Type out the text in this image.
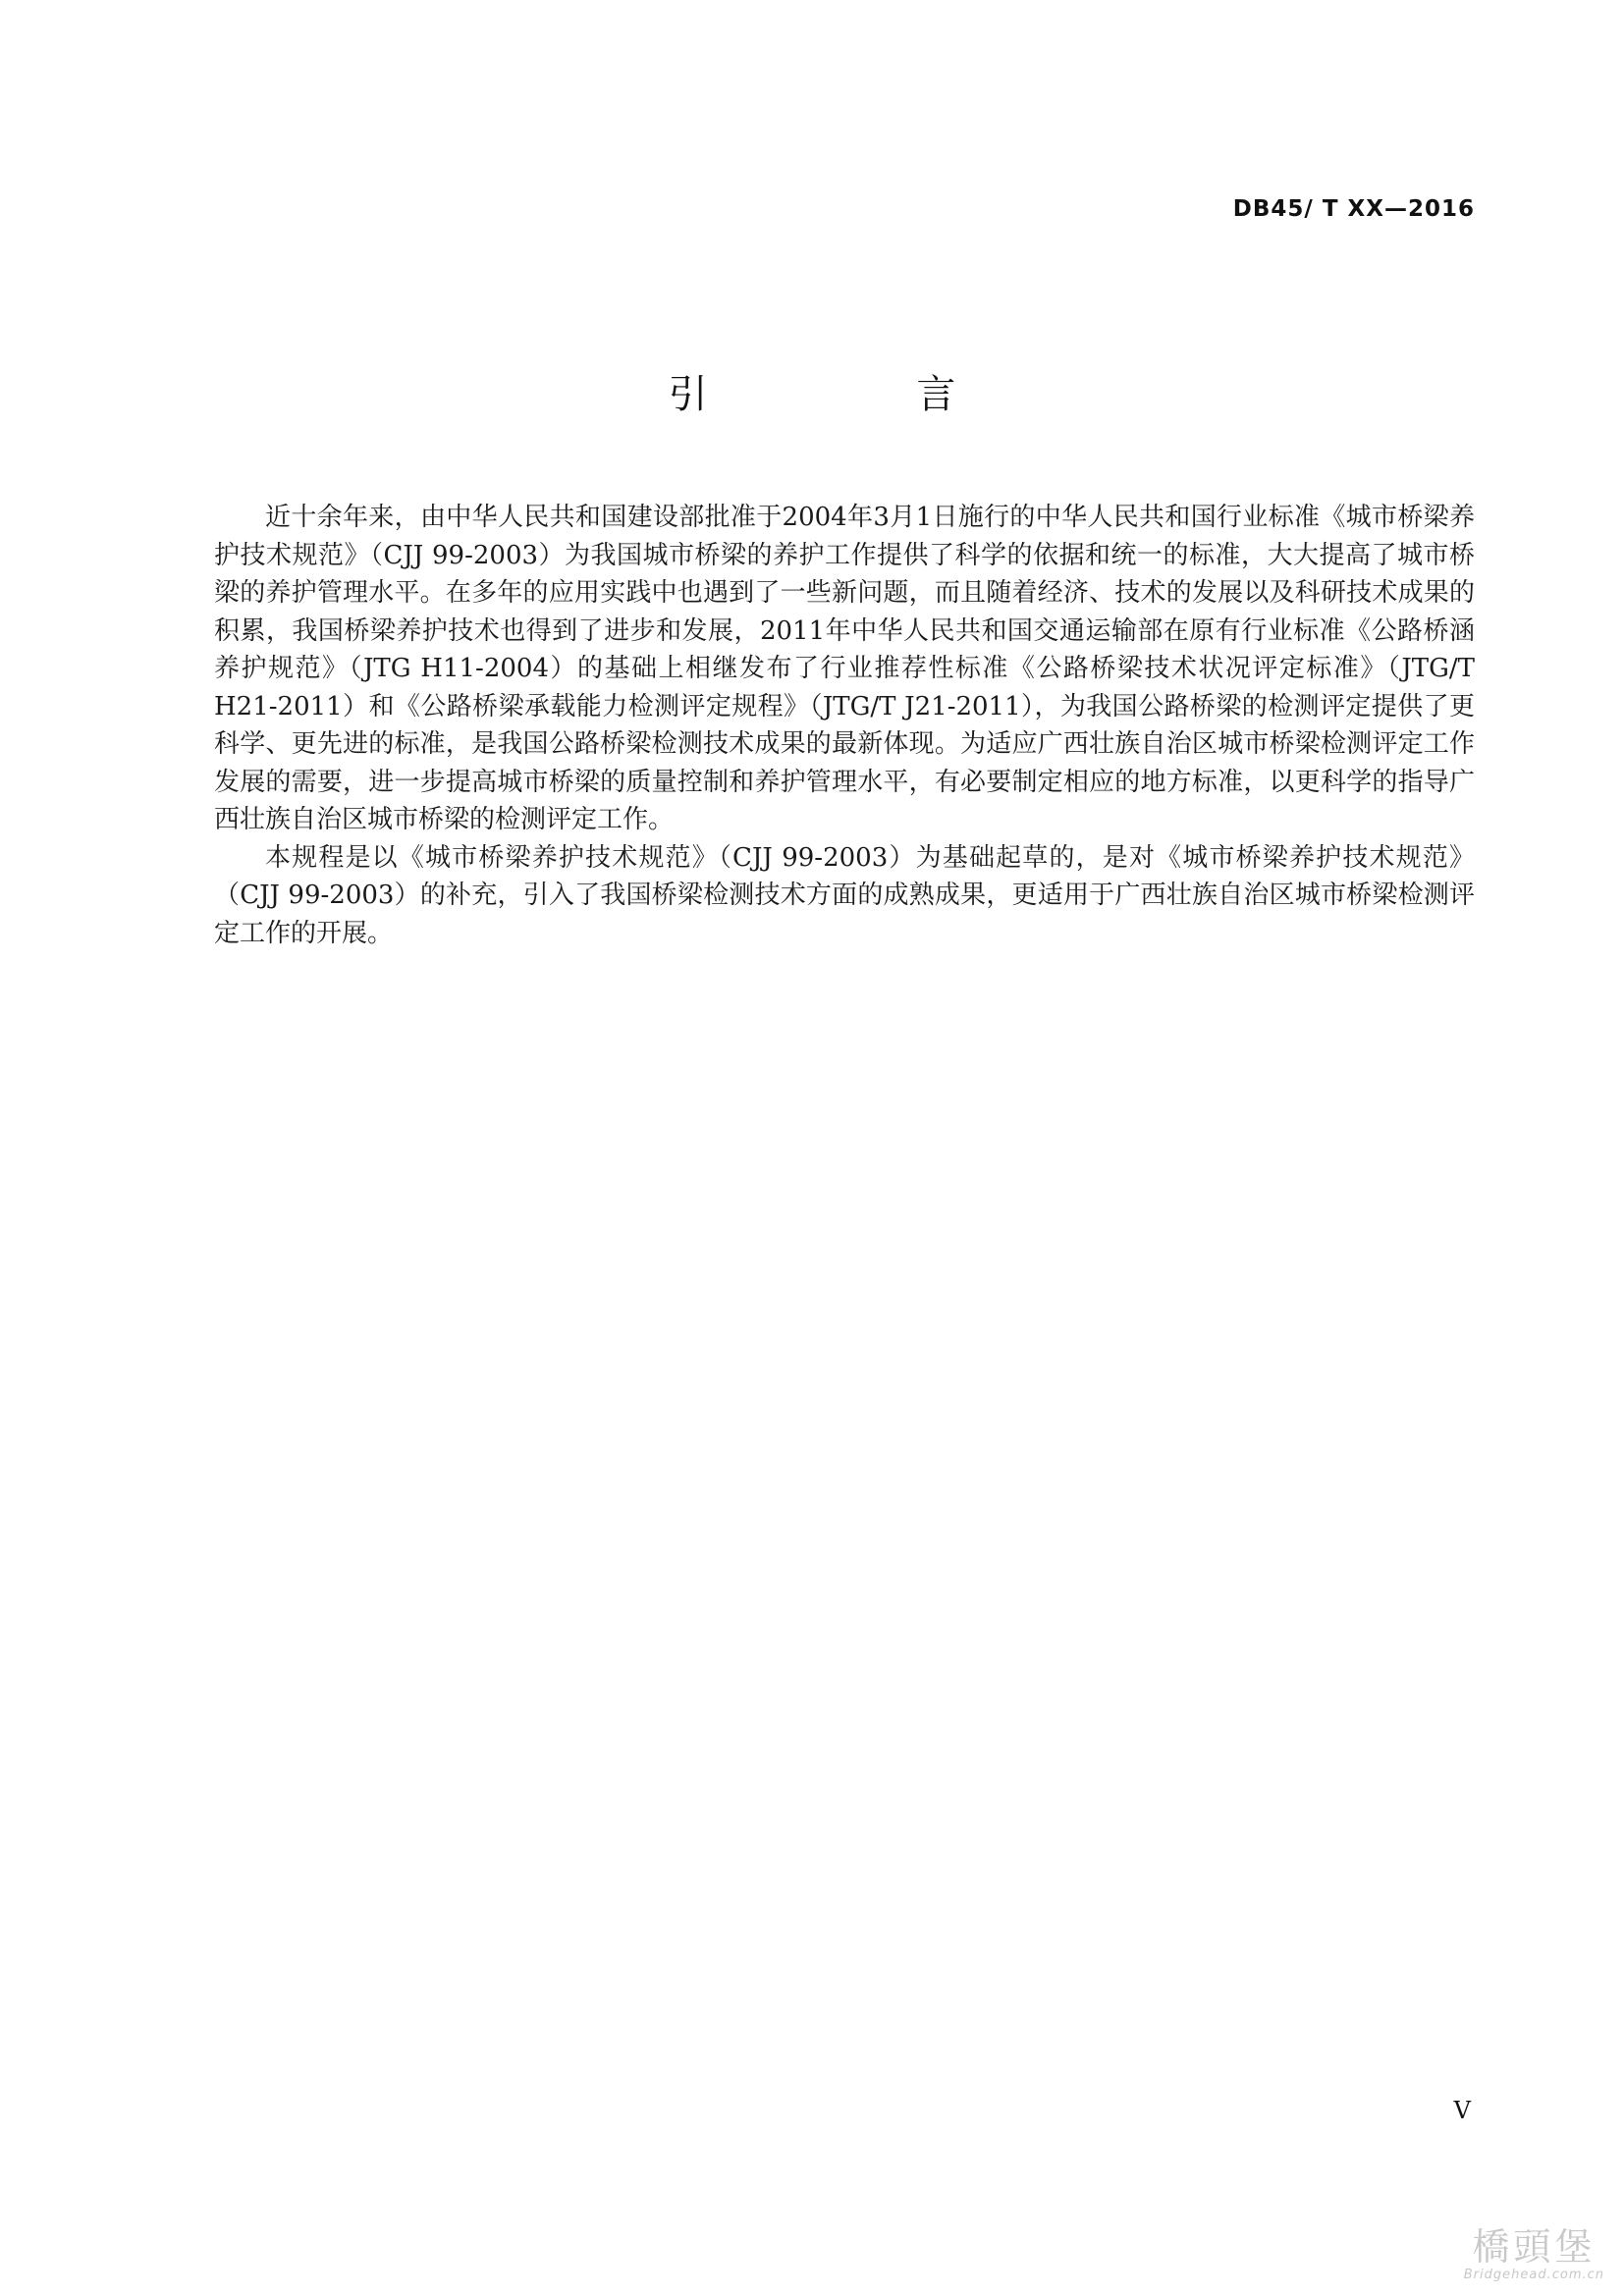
DB45/ T XX—2016
引 言

近十余年来，由中华人民共和国建设部批准于2004年3月1日施行的中华人民共和国行业标准《城市桥梁养护技术规范》（CJJ 99-2003）为我国城市桥梁的养护工作提供了科学的依据和统一的标准，大大提高了城市桥梁的养护管理水平。在多年的应用实践中也遇到了一些新问题，而且随着经济、技术的发展以及科研技术成果的积累，我国桥梁养护技术也得到了进步和发展，2011年中华人民共和国交通运输部在原有行业标准《公路桥涵养护规范》（JTG H11-2004）的基础上相继发布了行业推荐性标准《公路桥梁技术状况评定标准》（JTG/T H21-2011）和《公路桥梁承载能力检测评定规程》（JTG/T J21-2011），为我国公路桥梁的检测评定提供了更科学、更先进的标准，是我国公路桥梁检测技术成果的最新体现。为适应广西壮族自治区城市桥梁检测评定工作发展的需要，进一步提高城市桥梁的质量控制和养护管理水平，有必要制定相应的地方标准，以更科学的指导广西壮族自治区城市桥梁的检测评定工作。

本规程是以《城市桥梁养护技术规范》（CJJ 99-2003）为基础起草的，是对《城市桥梁养护技术规范》（CJJ 99-2003）的补充，引入了我国桥梁检测技术方面的成熟成果，更适用于广西壮族自治区城市桥梁检测评定工作的开展。

V
橋頭堡
Bridgehead.com.cn
